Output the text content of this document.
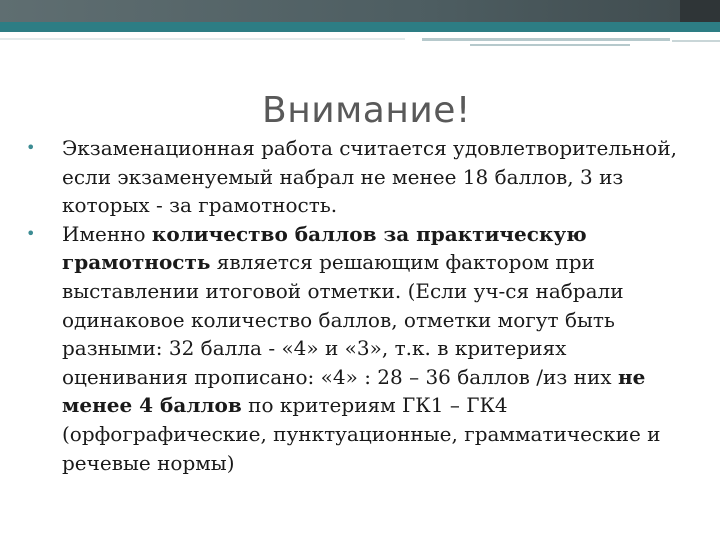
Внимание!

• Экзаменационная работа считается удовлетворительной, если экзаменуемый набрал не менее 18 баллов, 3 из которых - за грамотность.

• Именно количество баллов за практическую грамотность является решающим фактором при выставлении итоговой отметки. (Если уч-ся набрали одинаковое количество баллов, отметки могут быть разными: 32 балла - «4» и «3», т.к. в критериях оценивания прописано: «4» : 28 – 36 баллов /из них не менее 4 баллов по критериям ГК1 – ГК4 (орфографические, пунктуационные, грамматические и речевые нормы)
